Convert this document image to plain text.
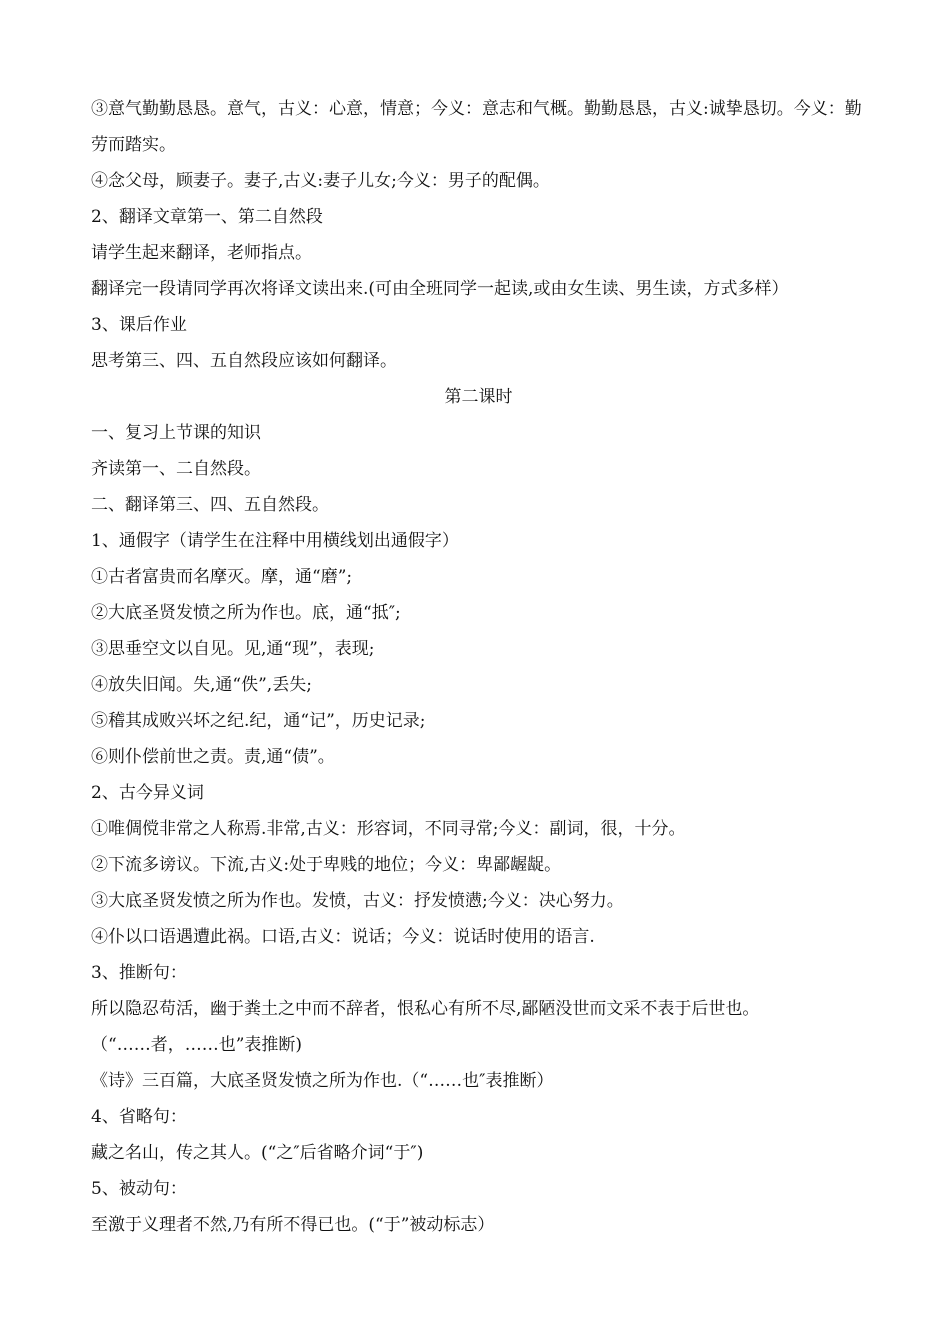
③意气勤勤恳恳。意气，古义：心意，情意；今义：意志和气概。勤勤恳恳，古义:诚挚恳切。今义：勤劳而踏实。

④念父母，顾妻子。妻子,古义:妻子儿女;今义：男子的配偶。

2、翻译文章第一、第二自然段

请学生起来翻译，老师指点。

翻译完一段请同学再次将译文读出来.(可由全班同学一起读,或由女生读、男生读，方式多样）

3、课后作业

思考第三、四、五自然段应该如何翻译。

第二课时

一、复习上节课的知识

齐读第一、二自然段。

二、翻译第三、四、五自然段。

1、通假字（请学生在注释中用横线划出通假字）

①古者富贵而名摩灭。摩，通“磨”;

②大底圣贤发愤之所为作也。底，通“抵″;

③思垂空文以自见。见,通“现”，表现;

④放失旧闻。失,通“佚”,丢失;

⑤稽其成败兴坏之纪.纪，通“记”，历史记录;

⑥则仆偿前世之责。责,通“债”。

2、古今异义词

①唯倜傥非常之人称焉.非常,古义：形容词，不同寻常;今义：副词，很，十分。

②下流多谤议。下流,古义:处于卑贱的地位；今义：卑鄙龌龊。

③大底圣贤发愤之所为作也。发愤，古义：抒发愤懑;今义：决心努力。

④仆以口语遇遭此祸。口语,古义：说话；今义：说话时使用的语言.

3、推断句：

所以隐忍苟活，幽于粪土之中而不辞者，恨私心有所不尽,鄙陋没世而文采不表于后世也。

（“……者，……也”表推断)

《诗》三百篇，大底圣贤发愤之所为作也.（“……也″表推断）

4、省略句：

藏之名山，传之其人。(“之″后省略介词“于″)

5、被动句：

至激于义理者不然,乃有所不得已也。(“于”被动标志）
